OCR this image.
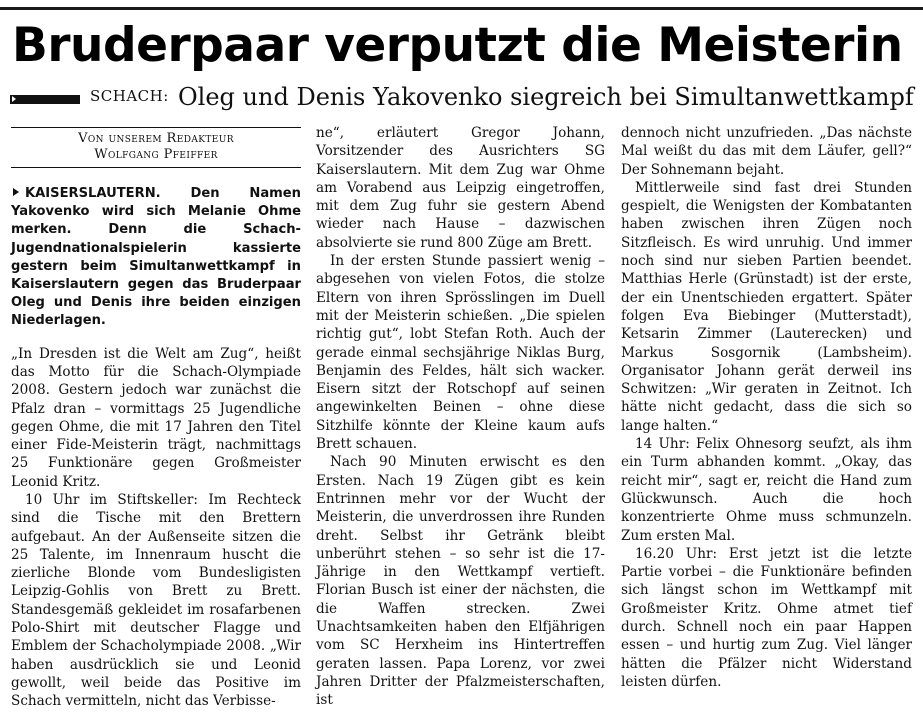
Bruderpaar verputzt die Meisterin
SCHACH: Oleg und Denis Yakovenko siegreich bei Simultanwettkampf
Von unserem Redakteur
Wolfgang Pfeiffer

KAISERSLAUTERN. Den Namen Yakovenko wird sich Melanie Ohme merken. Denn die Schach-Jugendnationalspielerin kassierte gestern beim Simultanwettkampf in Kaiserslautern gegen das Bruderpaar Oleg und Denis ihre beiden einzigen Niederlagen.

„In Dresden ist die Welt am Zug“, heißt das Motto für die Schach-Olympiade 2008. Gestern jedoch war zunächst die Pfalz dran – vormittags 25 Jugendliche gegen Ohme, die mit 17 Jahren den Titel einer Fide-Meisterin trägt, nachmittags 25 Funktionäre gegen Großmeister Leonid Kritz.

10 Uhr im Stiftskeller: Im Rechteck sind die Tische mit den Brettern aufgebaut. An der Außenseite sitzen die 25 Talente, im Innenraum huscht die zierliche Blonde vom Bundesligisten Leipzig-Gohlis von Brett zu Brett. Standesgemäß gekleidet im rosafarbenen Polo-Shirt mit deutscher Flagge und Emblem der Schacholympiade 2008. „Wir haben ausdrücklich sie und Leonid gewollt, weil beide das Positive im Schach vermitteln, nicht das Verbisse-

ne“, erläutert Gregor Johann, Vorsitzender des Ausrichters SG Kaiserslautern. Mit dem Zug war Ohme am Vorabend aus Leipzig eingetroffen, mit dem Zug fuhr sie gestern Abend wieder nach Hause – dazwischen absolvierte sie rund 800 Züge am Brett.

In der ersten Stunde passiert wenig – abgesehen von vielen Fotos, die stolze Eltern von ihren Sprösslingen im Duell mit der Meisterin schießen. „Die spielen richtig gut“, lobt Stefan Roth. Auch der gerade einmal sechsjährige Niklas Burg, Benjamin des Feldes, hält sich wacker. Eisern sitzt der Rotschopf auf seinen angewinkelten Beinen – ohne diese Sitzhilfe könnte der Kleine kaum aufs Brett schauen.

Nach 90 Minuten erwischt es den Ersten. Nach 19 Zügen gibt es kein Entrinnen mehr vor der Wucht der Meisterin, die unverdrossen ihre Runden dreht. Selbst ihr Getränk bleibt unberührt stehen – so sehr ist die 17-Jährige in den Wettkampf vertieft. Florian Busch ist einer der nächsten, die die Waffen strecken. Zwei Unachtsamkeiten haben den Elfjährigen vom SC Herxheim ins Hintertreffen geraten lassen. Papa Lorenz, vor zwei Jahren Dritter der Pfalzmeisterschaften, ist

dennoch nicht unzufrieden. „Das nächste Mal weißt du das mit dem Läufer, gell?“ Der Sohnemann bejaht.

Mittlerweile sind fast drei Stunden gespielt, die Wenigsten der Kombatanten haben zwischen ihren Zügen noch Sitzfleisch. Es wird unruhig. Und immer noch sind nur sieben Partien beendet. Matthias Herle (Grünstadt) ist der erste, der ein Unentschieden ergattert. Später folgen Eva Biebinger (Mutterstadt), Ketsarin Zimmer (Lauterecken) und Markus Sosgornik (Lambsheim). Organisator Johann gerät derweil ins Schwitzen: „Wir geraten in Zeitnot. Ich hätte nicht gedacht, dass die sich so lange halten.“

14 Uhr: Felix Ohnesorg seufzt, als ihm ein Turm abhanden kommt. „Okay, das reicht mir“, sagt er, reicht die Hand zum Glückwunsch. Auch die hoch konzentrierte Ohme muss schmunzeln. Zum ersten Mal.

16.20 Uhr: Erst jetzt ist die letzte Partie vorbei – die Funktionäre befinden sich längst schon im Wettkampf mit Großmeister Kritz. Ohme atmet tief durch. Schnell noch ein paar Happen essen – und hurtig zum Zug. Viel länger hätten die Pfälzer nicht Widerstand leisten dürfen.
